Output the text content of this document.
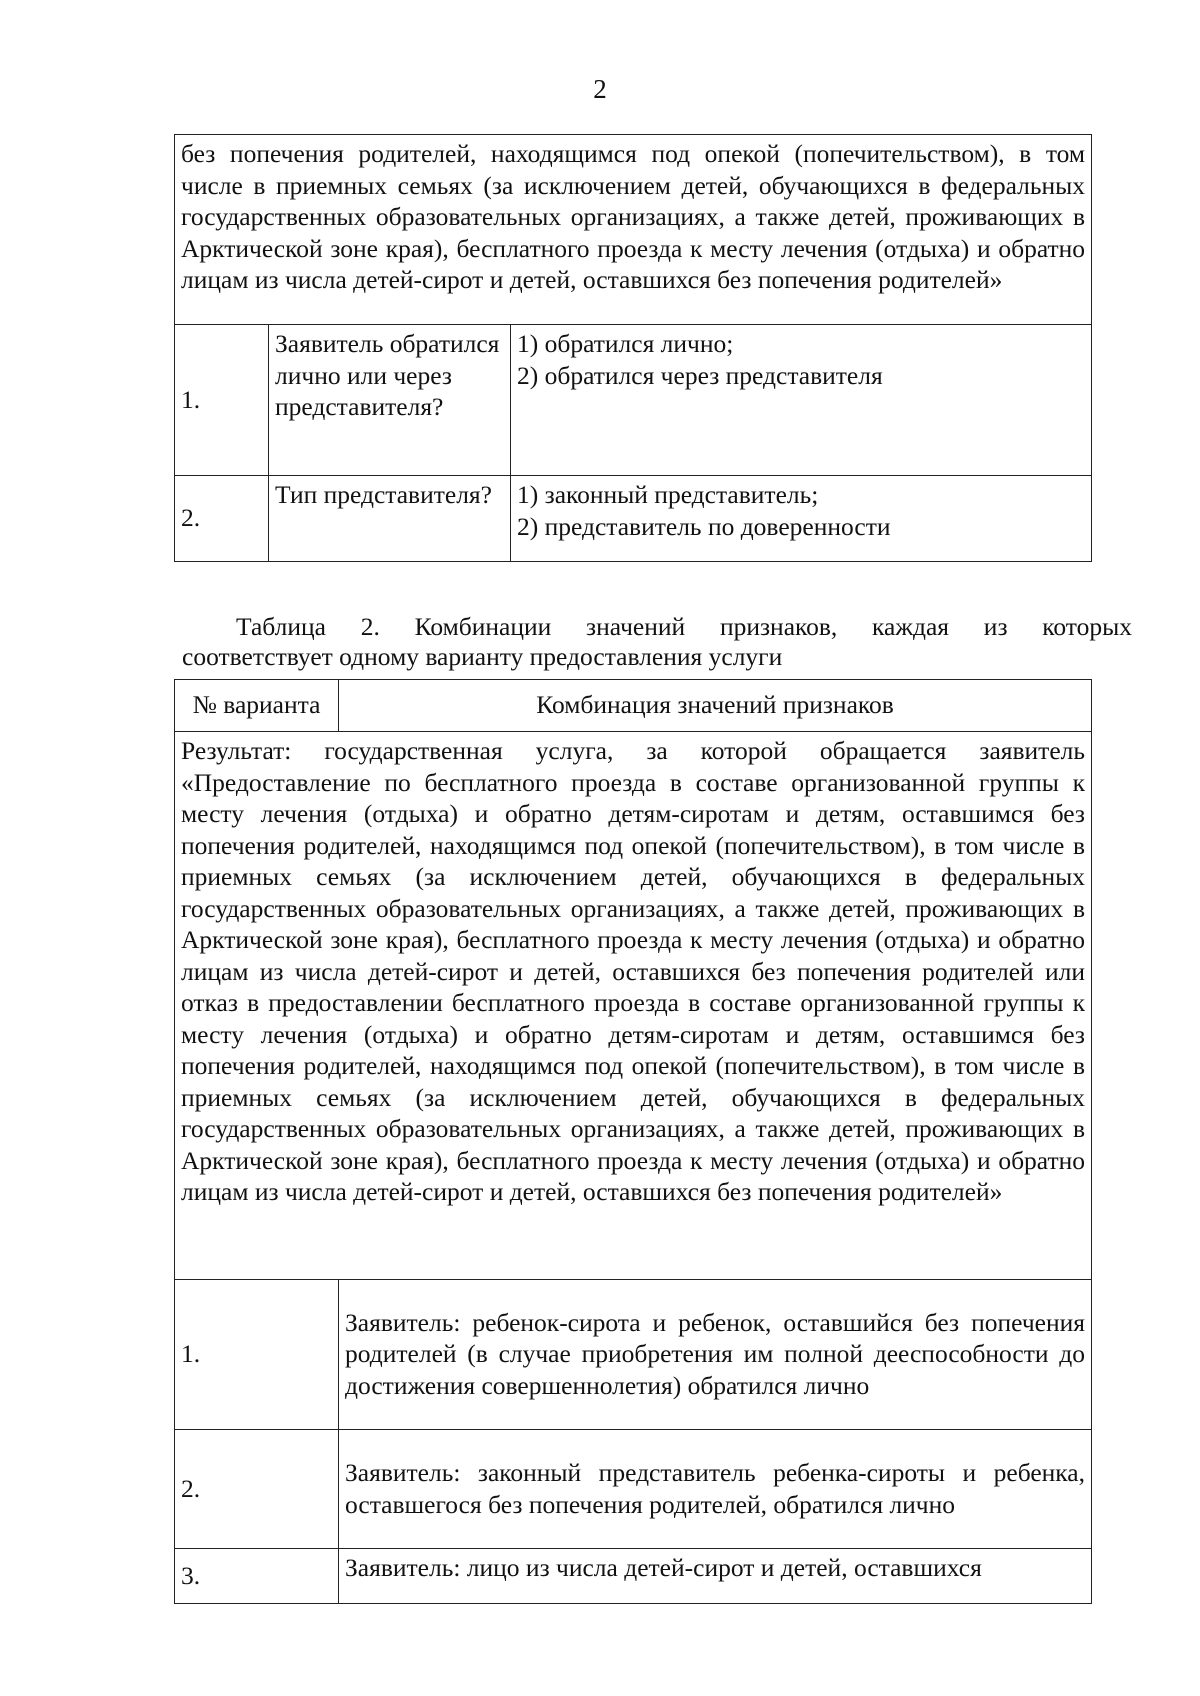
2
без попечения родителей, находящимся под опекой (попечительством), в том числе в приемных семьях (за исключением детей, обучающихся в федеральных государственных образовательных организациях, а также детей, проживающих в Арктической зоне края), бесплатного проезда к месту лечения (отдыха) и обратно лицам из числа детей-сирот и детей, оставшихся без попечения родителей»		
1.	Заявитель обратился лично или через представителя?	1) обратился лично;
2) обратился через представителя

2.	Тип представителя?	1) законный представитель;
2) представитель по доверенности
Таблица 2. Комбинации значений признаков, каждая из которых
соответствует одному варианту предоставления услуги
№ варианта	Комбинация значений признаков
Результат: государственная услуга, за которой обращается заявитель «Предоставление по бесплатного проезда в составе организованной группы к месту лечения (отдыха) и обратно детям-сиротам и детям, оставшимся без попечения родителей, находящимся под опекой (попечительством), в том числе в приемных семьях (за исключением детей, обучающихся в федеральных государственных образовательных организациях, а также детей, проживающих в Арктической зоне края), бесплатного проезда к месту лечения (отдыха) и обратно лицам из числа детей-сирот и детей, оставшихся без попечения родителей или отказ в предоставлении бесплатного проезда в составе организованной группы к месту лечения (отдыха) и обратно детям-сиротам и детям, оставшимся без попечения родителей, находящимся под опекой (попечительством), в том числе в приемных семьях (за исключением детей, обучающихся в федеральных государственных образовательных организациях, а также детей, проживающих в Арктической зоне края), бесплатного проезда к месту лечения (отдыха) и обратно лицам из числа детей-сирот и детей, оставшихся без попечения родителей»	
1.	Заявитель: ребенок-сирота и ребенок, оставшийся без попечения родителей (в случае приобретения им полной дееспособности до достижения совершеннолетия) обратился лично
2.	Заявитель: законный представитель ребенка-сироты и ребенка, оставшегося без попечения родителей, обратился лично
3.	Заявитель: лицо из числа детей-сирот и детей, оставшихся
